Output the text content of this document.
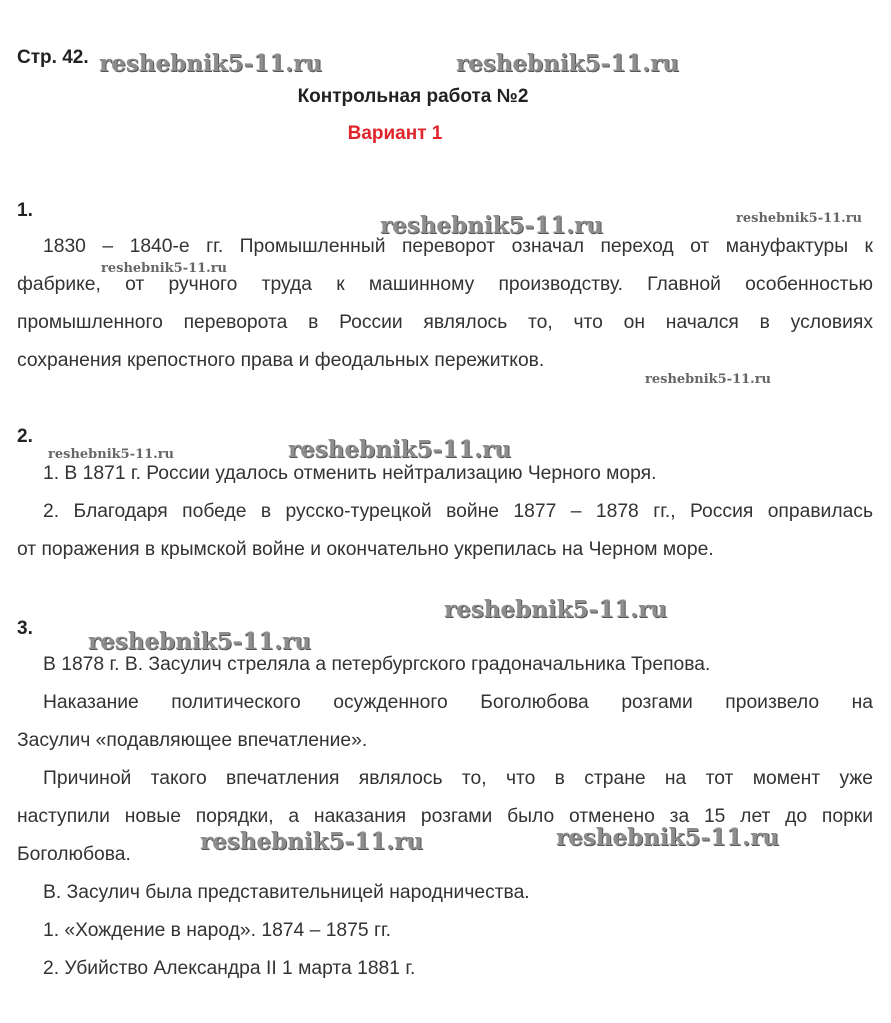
Стр. 42.
Контрольная работа №2
Вариант 1
1.
1830 – 1840-е гг. Промышленный переворот означал переход от мануфактуры к
фабрике, от ручного труда к машинному производству. Главной особенностью
промышленного переворота в России являлось то, что он начался в условиях
сохранения крепостного права и феодальных пережитков.
2.
1. В 1871 г. России удалось отменить нейтрализацию Черного моря.
2. Благодаря победе в русско-турецкой войне 1877 – 1878 гг., Россия оправилась
от поражения в крымской войне и окончательно укрепилась на Черном море.
3.
В 1878 г. В. Засулич стреляла а петербургского градоначальника Трепова.
Наказание политического осужденного Боголюбова розгами произвело на
Засулич «подавляющее впечатление».
Причиной такого впечатления являлось то, что в стране на тот момент уже
наступили новые порядки, а наказания розгами было отменено за 15 лет до порки
Боголюбова.
В. Засулич была представительницей народничества.
1. «Хождение в народ». 1874 – 1875 гг.
2. Убийство Александра II 1 марта 1881 г.
reshebnik5-11.ru	reshebnik5-11.ru
reshebnik5-11.ru	reshebnik5-11.ru
reshebnik5-11.ru
reshebnik5-11.ru
reshebnik5-11.ru	reshebnik5-11.ru
reshebnik5-11.ru
reshebnik5-11.ru
reshebnik5-11.ru	reshebnik5-11.ru
